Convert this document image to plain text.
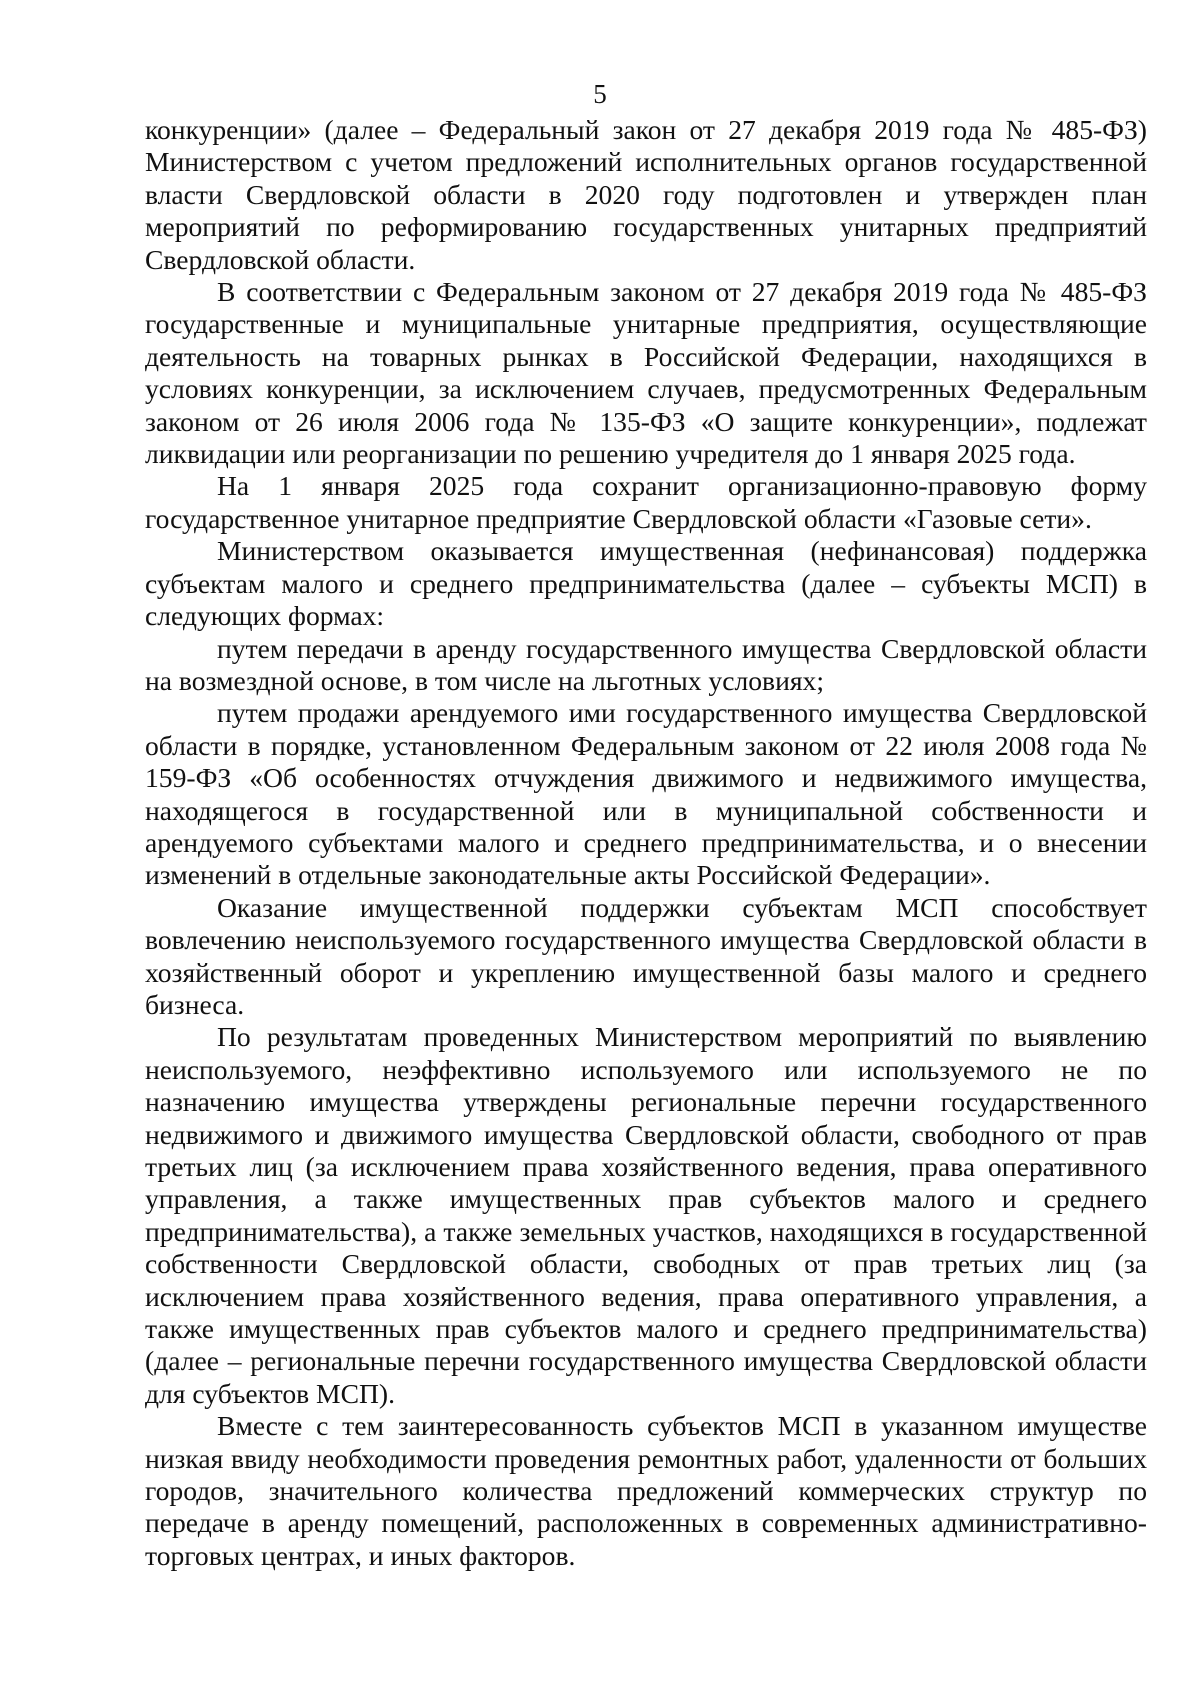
5

конкуренции» (далее – Федеральный закон от 27 декабря 2019 года № 485-ФЗ) Министерством с учетом предложений исполнительных органов государственной власти Свердловской области в 2020 году подготовлен и утвержден план мероприятий по реформированию государственных унитарных предприятий Свердловской области.

В соответствии с Федеральным законом от 27 декабря 2019 года № 485-ФЗ государственные и муниципальные унитарные предприятия, осуществляющие деятельность на товарных рынках в Российской Федерации, находящихся в условиях конкуренции, за исключением случаев, предусмотренных Федеральным законом от 26 июля 2006 года № 135-ФЗ «О защите конкуренции», подлежат ликвидации или реорганизации по решению учредителя до 1 января 2025 года.

На 1 января 2025 года сохранит организационно-правовую форму государственное унитарное предприятие Свердловской области «Газовые сети».

Министерством оказывается имущественная (нефинансовая) поддержка субъектам малого и среднего предпринимательства (далее – субъекты МСП) в следующих формах:

путем передачи в аренду государственного имущества Свердловской области на возмездной основе, в том числе на льготных условиях;

путем продажи арендуемого ими государственного имущества Свердловской области в порядке, установленном Федеральным законом от 22 июля 2008 года № 159-ФЗ «Об особенностях отчуждения движимого и недвижимого имущества, находящегося в государственной или в муниципальной собственности и арендуемого субъектами малого и среднего предпринимательства, и о внесении изменений в отдельные законодательные акты Российской Федерации».

Оказание имущественной поддержки субъектам МСП способствует вовлечению неиспользуемого государственного имущества Свердловской области в хозяйственный оборот и укреплению имущественной базы малого и среднего бизнеса.

По результатам проведенных Министерством мероприятий по выявлению неиспользуемого, неэффективно используемого или используемого не по назначению имущества утверждены региональные перечни государственного недвижимого и движимого имущества Свердловской области, свободного от прав третьих лиц (за исключением права хозяйственного ведения, права оперативного управления, а также имущественных прав субъектов малого и среднего предпринимательства), а также земельных участков, находящихся в государственной собственности Свердловской области, свободных от прав третьих лиц (за исключением права хозяйственного ведения, права оперативного управления, а также имущественных прав субъектов малого и среднего предпринимательства) (далее – региональные перечни государственного имущества Свердловской области для субъектов МСП).

Вместе с тем заинтересованность субъектов МСП в указанном имуществе низкая ввиду необходимости проведения ремонтных работ, удаленности от больших городов, значительного количества предложений коммерческих структур по передаче в аренду помещений, расположенных в современных административно-торговых центрах, и иных факторов.
